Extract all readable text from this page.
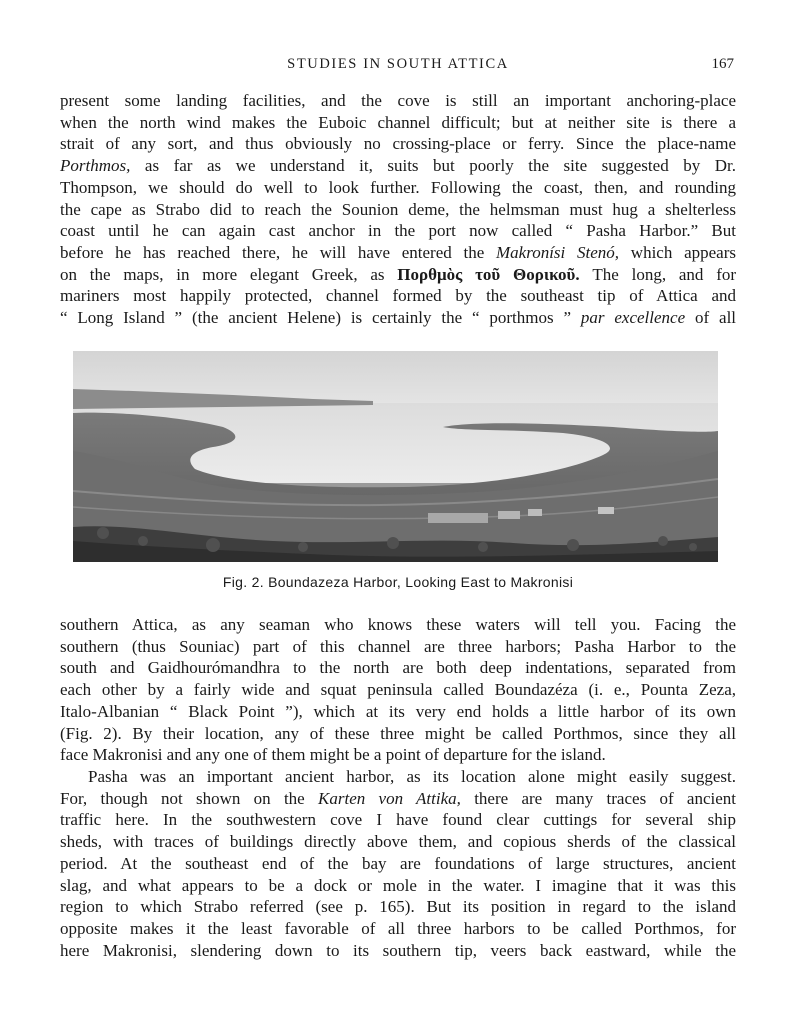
STUDIES IN SOUTH ATTICA	167

present some landing facilities, and the cove is still an important anchoring-place

when the north wind makes the Euboic channel difficult; but at neither site is there a

strait of any sort, and thus obviously no crossing-place or ferry. Since the place-name

Porthmos, as far as we understand it, suits but poorly the site suggested by Dr.

Thompson, we should do well to look further. Following the coast, then, and rounding

the cape as Strabo did to reach the Sounion deme, the helmsman must hug a shelterless

coast until he can again cast anchor in the port now called “ Pasha Harbor.” But

before he has reached there, he will have entered the Makronísi Stenó, which appears

on the maps, in more elegant Greek, as Πορθμὸς τοῦ Θορικοῦ. The long, and for

mariners most happily protected, channel formed by the southeast tip of Attica and

“ Long Island ” (the ancient Helene) is certainly the “ porthmos ” par excellence of all

Fig. 2. Boundazeza Harbor, Looking East to Makronisi

southern Attica, as any seaman who knows these waters will tell you. Facing the

southern (thus Souniac) part of this channel are three harbors; Pasha Harbor to the

south and Gaidhourómandhra to the north are both deep indentations, separated from

each other by a fairly wide and squat peninsula called Boundazéza (i. e., Pounta Zeza,

Italo-Albanian “ Black Point ”), which at its very end holds a little harbor of its own

(Fig. 2). By their location, any of these three might be called Porthmos, since they all

face Makronisi and any one of them might be a point of departure for the island.

Pasha was an important ancient harbor, as its location alone might easily suggest.

For, though not shown on the Karten von Attika, there are many traces of ancient

traffic here. In the southwestern cove I have found clear cuttings for several ship

sheds, with traces of buildings directly above them, and copious sherds of the classical

period. At the southeast end of the bay are foundations of large structures, ancient

slag, and what appears to be a dock or mole in the water. I imagine that it was this

region to which Strabo referred (see p. 165). But its position in regard to the island

opposite makes it the least favorable of all three harbors to be called Porthmos, for

here Makronisi, slendering down to its southern tip, veers back eastward, while the
